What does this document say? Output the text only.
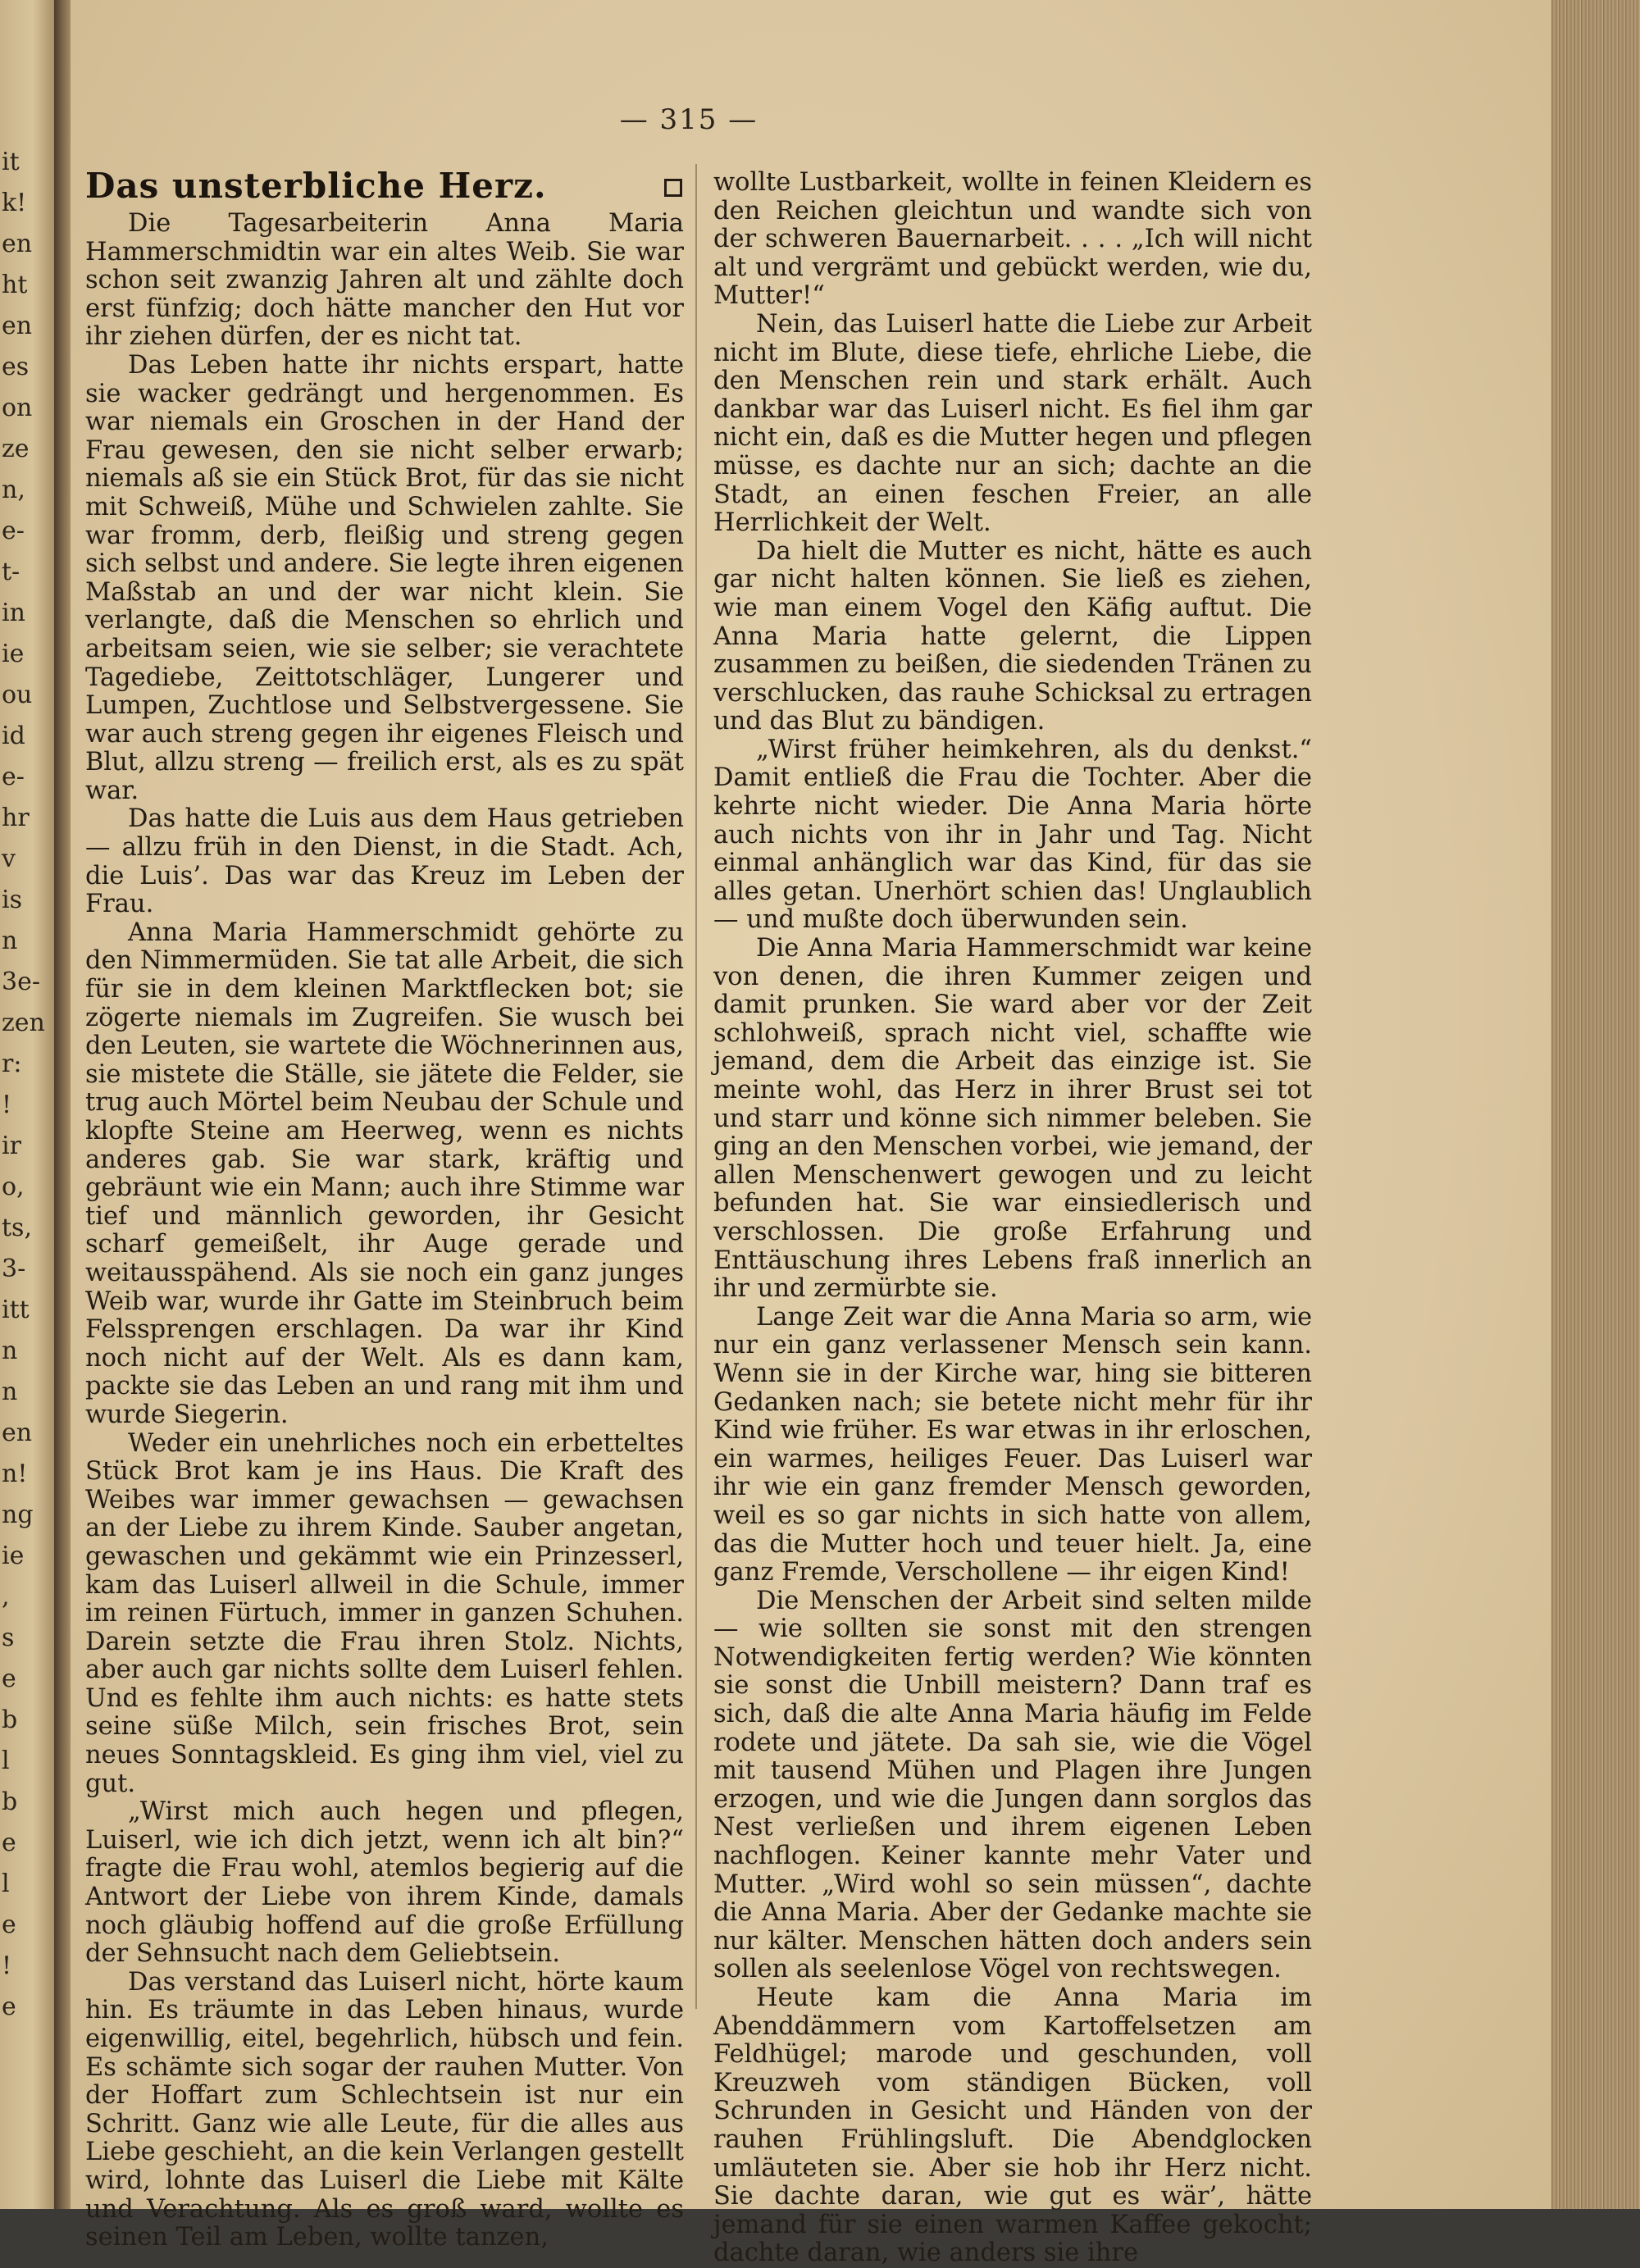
it
k!
en
ht
en
es
on
ze
n,
e-
t-
in
ie
ou
id
e-
hr
v
is
n
3e-
zen
r:
!
ir
o,
ts,
3-
itt
n
n
en
n!
ng
ie
,
s
e
b
l
b
e
l
e
!
e
— 315 —
Das unsterbliche Herz.

Die Tagesarbeiterin Anna Maria Hammerschmidtin war ein altes Weib. Sie war schon seit zwanzig Jahren alt und zählte doch erst fünfzig; doch hätte mancher den Hut vor ihr ziehen dürfen, der es nicht tat.

Das Leben hatte ihr nichts erspart, hatte sie wacker gedrängt und hergenommen. Es war niemals ein Groschen in der Hand der Frau gewesen, den sie nicht selber erwarb; niemals aß sie ein Stück Brot, für das sie nicht mit Schweiß, Mühe und Schwielen zahlte. Sie war fromm, derb, fleißig und streng gegen sich selbst und andere. Sie legte ihren eigenen Maßstab an und der war nicht klein. Sie verlangte, daß die Menschen so ehrlich und arbeitsam seien, wie sie selber; sie verachtete Tagediebe, Zeittotschläger, Lungerer und Lumpen, Zuchtlose und Selbstvergessene. Sie war auch streng gegen ihr eigenes Fleisch und Blut, allzu streng — freilich erst, als es zu spät war.

Das hatte die Luis aus dem Haus getrieben — allzu früh in den Dienst, in die Stadt. Ach, die Luis’. Das war das Kreuz im Leben der Frau.

Anna Maria Hammerschmidt gehörte zu den Nimmermüden. Sie tat alle Arbeit, die sich für sie in dem kleinen Marktflecken bot; sie zögerte niemals im Zugreifen. Sie wusch bei den Leuten, sie wartete die Wöchnerinnen aus, sie mistete die Ställe, sie jätete die Felder, sie trug auch Mörtel beim Neubau der Schule und klopfte Steine am Heerweg, wenn es nichts anderes gab. Sie war stark, kräftig und gebräunt wie ein Mann; auch ihre Stimme war tief und männlich geworden, ihr Gesicht scharf gemeißelt, ihr Auge gerade und weitausspähend. Als sie noch ein ganz junges Weib war, wurde ihr Gatte im Steinbruch beim Felssprengen erschlagen. Da war ihr Kind noch nicht auf der Welt. Als es dann kam, packte sie das Leben an und rang mit ihm und wurde Siegerin.

Weder ein unehrliches noch ein erbetteltes Stück Brot kam je ins Haus. Die Kraft des Weibes war immer gewachsen — gewachsen an der Liebe zu ihrem Kinde. Sauber angetan, gewaschen und gekämmt wie ein Prinzesserl, kam das Luiserl allweil in die Schule, immer im reinen Fürtuch, immer in ganzen Schuhen. Darein setzte die Frau ihren Stolz. Nichts, aber auch gar nichts sollte dem Luiserl fehlen. Und es fehlte ihm auch nichts: es hatte stets seine süße Milch, sein frisches Brot, sein neues Sonntagskleid. Es ging ihm viel, viel zu gut.

„Wirst mich auch hegen und pflegen, Luiserl, wie ich dich jetzt, wenn ich alt bin?“ fragte die Frau wohl, atemlos begierig auf die Antwort der Liebe von ihrem Kinde, damals noch gläubig hoffend auf die große Erfüllung der Sehnsucht nach dem Geliebtsein.

Das verstand das Luiserl nicht, hörte kaum hin. Es träumte in das Leben hinaus, wurde eigenwillig, eitel, begehrlich, hübsch und fein. Es schämte sich sogar der rauhen Mutter. Von der Hoffart zum Schlechtsein ist nur ein Schritt. Ganz wie alle Leute, für die alles aus Liebe geschieht, an die kein Verlangen gestellt wird, lohnte das Luiserl die Liebe mit Kälte und Verachtung. Als es groß ward, wollte es seinen Teil am Leben, wollte tanzen,

wollte Lustbarkeit, wollte in feinen Kleidern es den Reichen gleichtun und wandte sich von der schweren Bauernarbeit. . . . „Ich will nicht alt und vergrämt und gebückt werden, wie du, Mutter!“

Nein, das Luiserl hatte die Liebe zur Arbeit nicht im Blute, diese tiefe, ehrliche Liebe, die den Menschen rein und stark erhält. Auch dankbar war das Luiserl nicht. Es fiel ihm gar nicht ein, daß es die Mutter hegen und pflegen müsse, es dachte nur an sich; dachte an die Stadt, an einen feschen Freier, an alle Herrlichkeit der Welt.

Da hielt die Mutter es nicht, hätte es auch gar nicht halten können. Sie ließ es ziehen, wie man einem Vogel den Käfig auftut. Die Anna Maria hatte gelernt, die Lippen zusammen zu beißen, die siedenden Tränen zu verschlucken, das rauhe Schicksal zu ertragen und das Blut zu bändigen.

„Wirst früher heimkehren, als du denkst.“ Damit entließ die Frau die Tochter. Aber die kehrte nicht wieder. Die Anna Maria hörte auch nichts von ihr in Jahr und Tag. Nicht einmal anhänglich war das Kind, für das sie alles getan. Unerhört schien das! Unglaublich — und mußte doch überwunden sein.

Die Anna Maria Hammerschmidt war keine von denen, die ihren Kummer zeigen und damit prunken. Sie ward aber vor der Zeit schlohweiß, sprach nicht viel, schaffte wie jemand, dem die Arbeit das einzige ist. Sie meinte wohl, das Herz in ihrer Brust sei tot und starr und könne sich nimmer beleben. Sie ging an den Menschen vorbei, wie jemand, der allen Menschenwert gewogen und zu leicht befunden hat. Sie war einsiedlerisch und verschlossen. Die große Erfahrung und Enttäuschung ihres Lebens fraß innerlich an ihr und zermürbte sie.

Lange Zeit war die Anna Maria so arm, wie nur ein ganz verlassener Mensch sein kann. Wenn sie in der Kirche war, hing sie bitteren Gedanken nach; sie betete nicht mehr für ihr Kind wie früher. Es war etwas in ihr erloschen, ein warmes, heiliges Feuer. Das Luiserl war ihr wie ein ganz fremder Mensch geworden, weil es so gar nichts in sich hatte von allem, das die Mutter hoch und teuer hielt. Ja, eine ganz Fremde, Verschollene — ihr eigen Kind!

Die Menschen der Arbeit sind selten milde — wie sollten sie sonst mit den strengen Notwendigkeiten fertig werden? Wie könnten sie sonst die Unbill meistern? Dann traf es sich, daß die alte Anna Maria häufig im Felde rodete und jätete. Da sah sie, wie die Vögel mit tausend Mühen und Plagen ihre Jungen erzogen, und wie die Jungen dann sorglos das Nest verließen und ihrem eigenen Leben nachflogen. Keiner kannte mehr Vater und Mutter. „Wird wohl so sein müssen“, dachte die Anna Maria. Aber der Gedanke machte sie nur kälter. Menschen hätten doch anders sein sollen als seelenlose Vögel von rechtswegen.

Heute kam die Anna Maria im Abenddämmern vom Kartoffelsetzen am Feldhügel; marode und geschunden, voll Kreuzweh vom ständigen Bücken, voll Schrunden in Gesicht und Händen von der rauhen Frühlingsluft. Die Abendglocken umläuteten sie. Aber sie hob ihr Herz nicht. Sie dachte daran, wie gut es wär’, hätte jemand für sie einen warmen Kaffee gekocht; dachte daran, wie anders sie ihre
